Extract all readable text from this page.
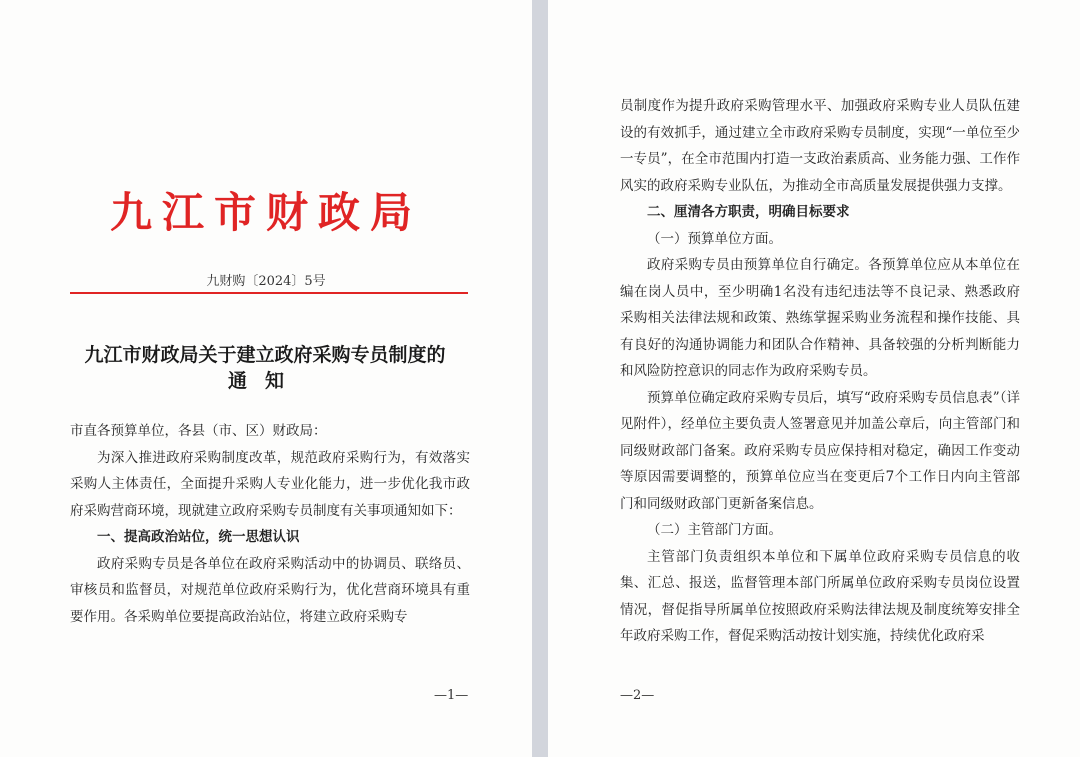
九江市财政局
九财购〔2024〕5号
九江市财政局关于建立政府采购专员制度的
通知

市直各预算单位，各县（市、区）财政局：

为深入推进政府采购制度改革，规范政府采购行为，有效落实采购人主体责任，全面提升采购人专业化能力，进一步优化我市政府采购营商环境，现就建立政府采购专员制度有关事项通知如下：

一、提高政治站位，统一思想认识

政府采购专员是各单位在政府采购活动中的协调员、联络员、审核员和监督员，对规范单位政府采购行为，优化营商环境具有重要作用。各采购单位要提高政治站位，将建立政府采购专

—1—

员制度作为提升政府采购管理水平、加强政府采购专业人员队伍建设的有效抓手，通过建立全市政府采购专员制度，实现“一单位至少一专员”，在全市范围内打造一支政治素质高、业务能力强、工作作风实的政府采购专业队伍，为推动全市高质量发展提供强力支撑。

二、厘清各方职责，明确目标要求

（一）预算单位方面。

政府采购专员由预算单位自行确定。各预算单位应从本单位在编在岗人员中，至少明确1名没有违纪违法等不良记录、熟悉政府采购相关法律法规和政策、熟练掌握采购业务流程和操作技能、具有良好的沟通协调能力和团队合作精神、具备较强的分析判断能力和风险防控意识的同志作为政府采购专员。

预算单位确定政府采购专员后，填写“政府采购专员信息表”（详见附件），经单位主要负责人签署意见并加盖公章后，向主管部门和同级财政部门备案。政府采购专员应保持相对稳定，确因工作变动等原因需要调整的，预算单位应当在变更后7个工作日内向主管部门和同级财政部门更新备案信息。

（二）主管部门方面。

主管部门负责组织本单位和下属单位政府采购专员信息的收集、汇总、报送，监督管理本部门所属单位政府采购专员岗位设置情况，督促指导所属单位按照政府采购法律法规及制度统筹安排全年政府采购工作，督促采购活动按计划实施，持续优化政府采

—2—
